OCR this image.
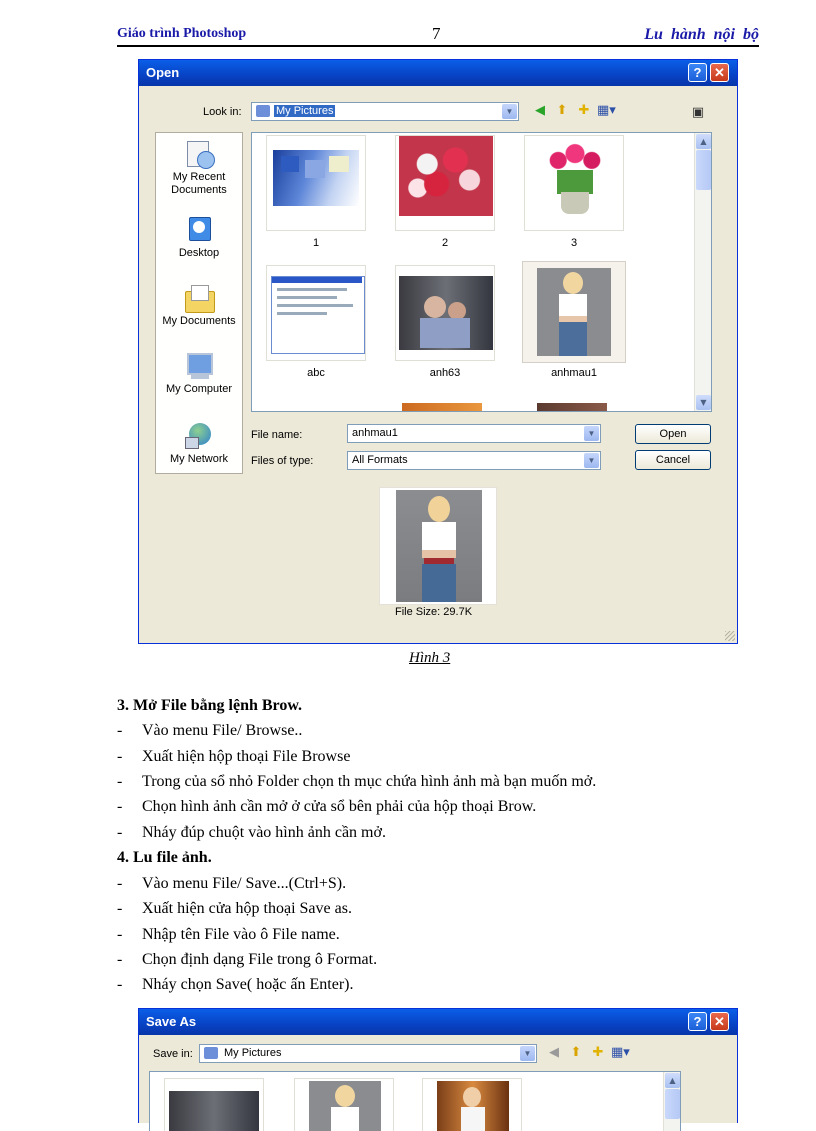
Giáo trình Photoshop	7	Lu hành nội bộ
Open	? ✕
Look in:	My Pictures	▼	◀ ⬆ ✚ ▦▾	▣
My Recent Documents
Desktop
My Documents
My Computer
My Network
1	2	3
abc	anh63	anhmau1
▲
▼
File name:	anhmau1	▼	Open
Files of type:	All Formats	▼	Cancel
File Size: 29.7K
Hình 3
3. Mở File bằng lệnh Brow.
- Vào menu File/ Browse..
- Xuất hiện hộp thoại File Browse
- Trong của sổ nhỏ Folder chọn th mục chứa hình ảnh mà bạn muốn mở.
- Chọn hình ảnh cần mở ở cửa sổ bên phải của hộp thoại Brow.
- Nháy đúp chuột vào hình ảnh cần mở.
4. Lu file ảnh.
- Vào menu File/ Save...(Ctrl+S).
- Xuất hiện cửa hộp thoại Save as.
- Nhập tên File vào ô File name.
- Chọn định dạng File trong ô Format.
- Nháy chọn Save( hoặc ấn Enter).
Save As	? ✕
Save in:	My Pictures	▼	◀ ⬆ ✚ ▦▾
▲
